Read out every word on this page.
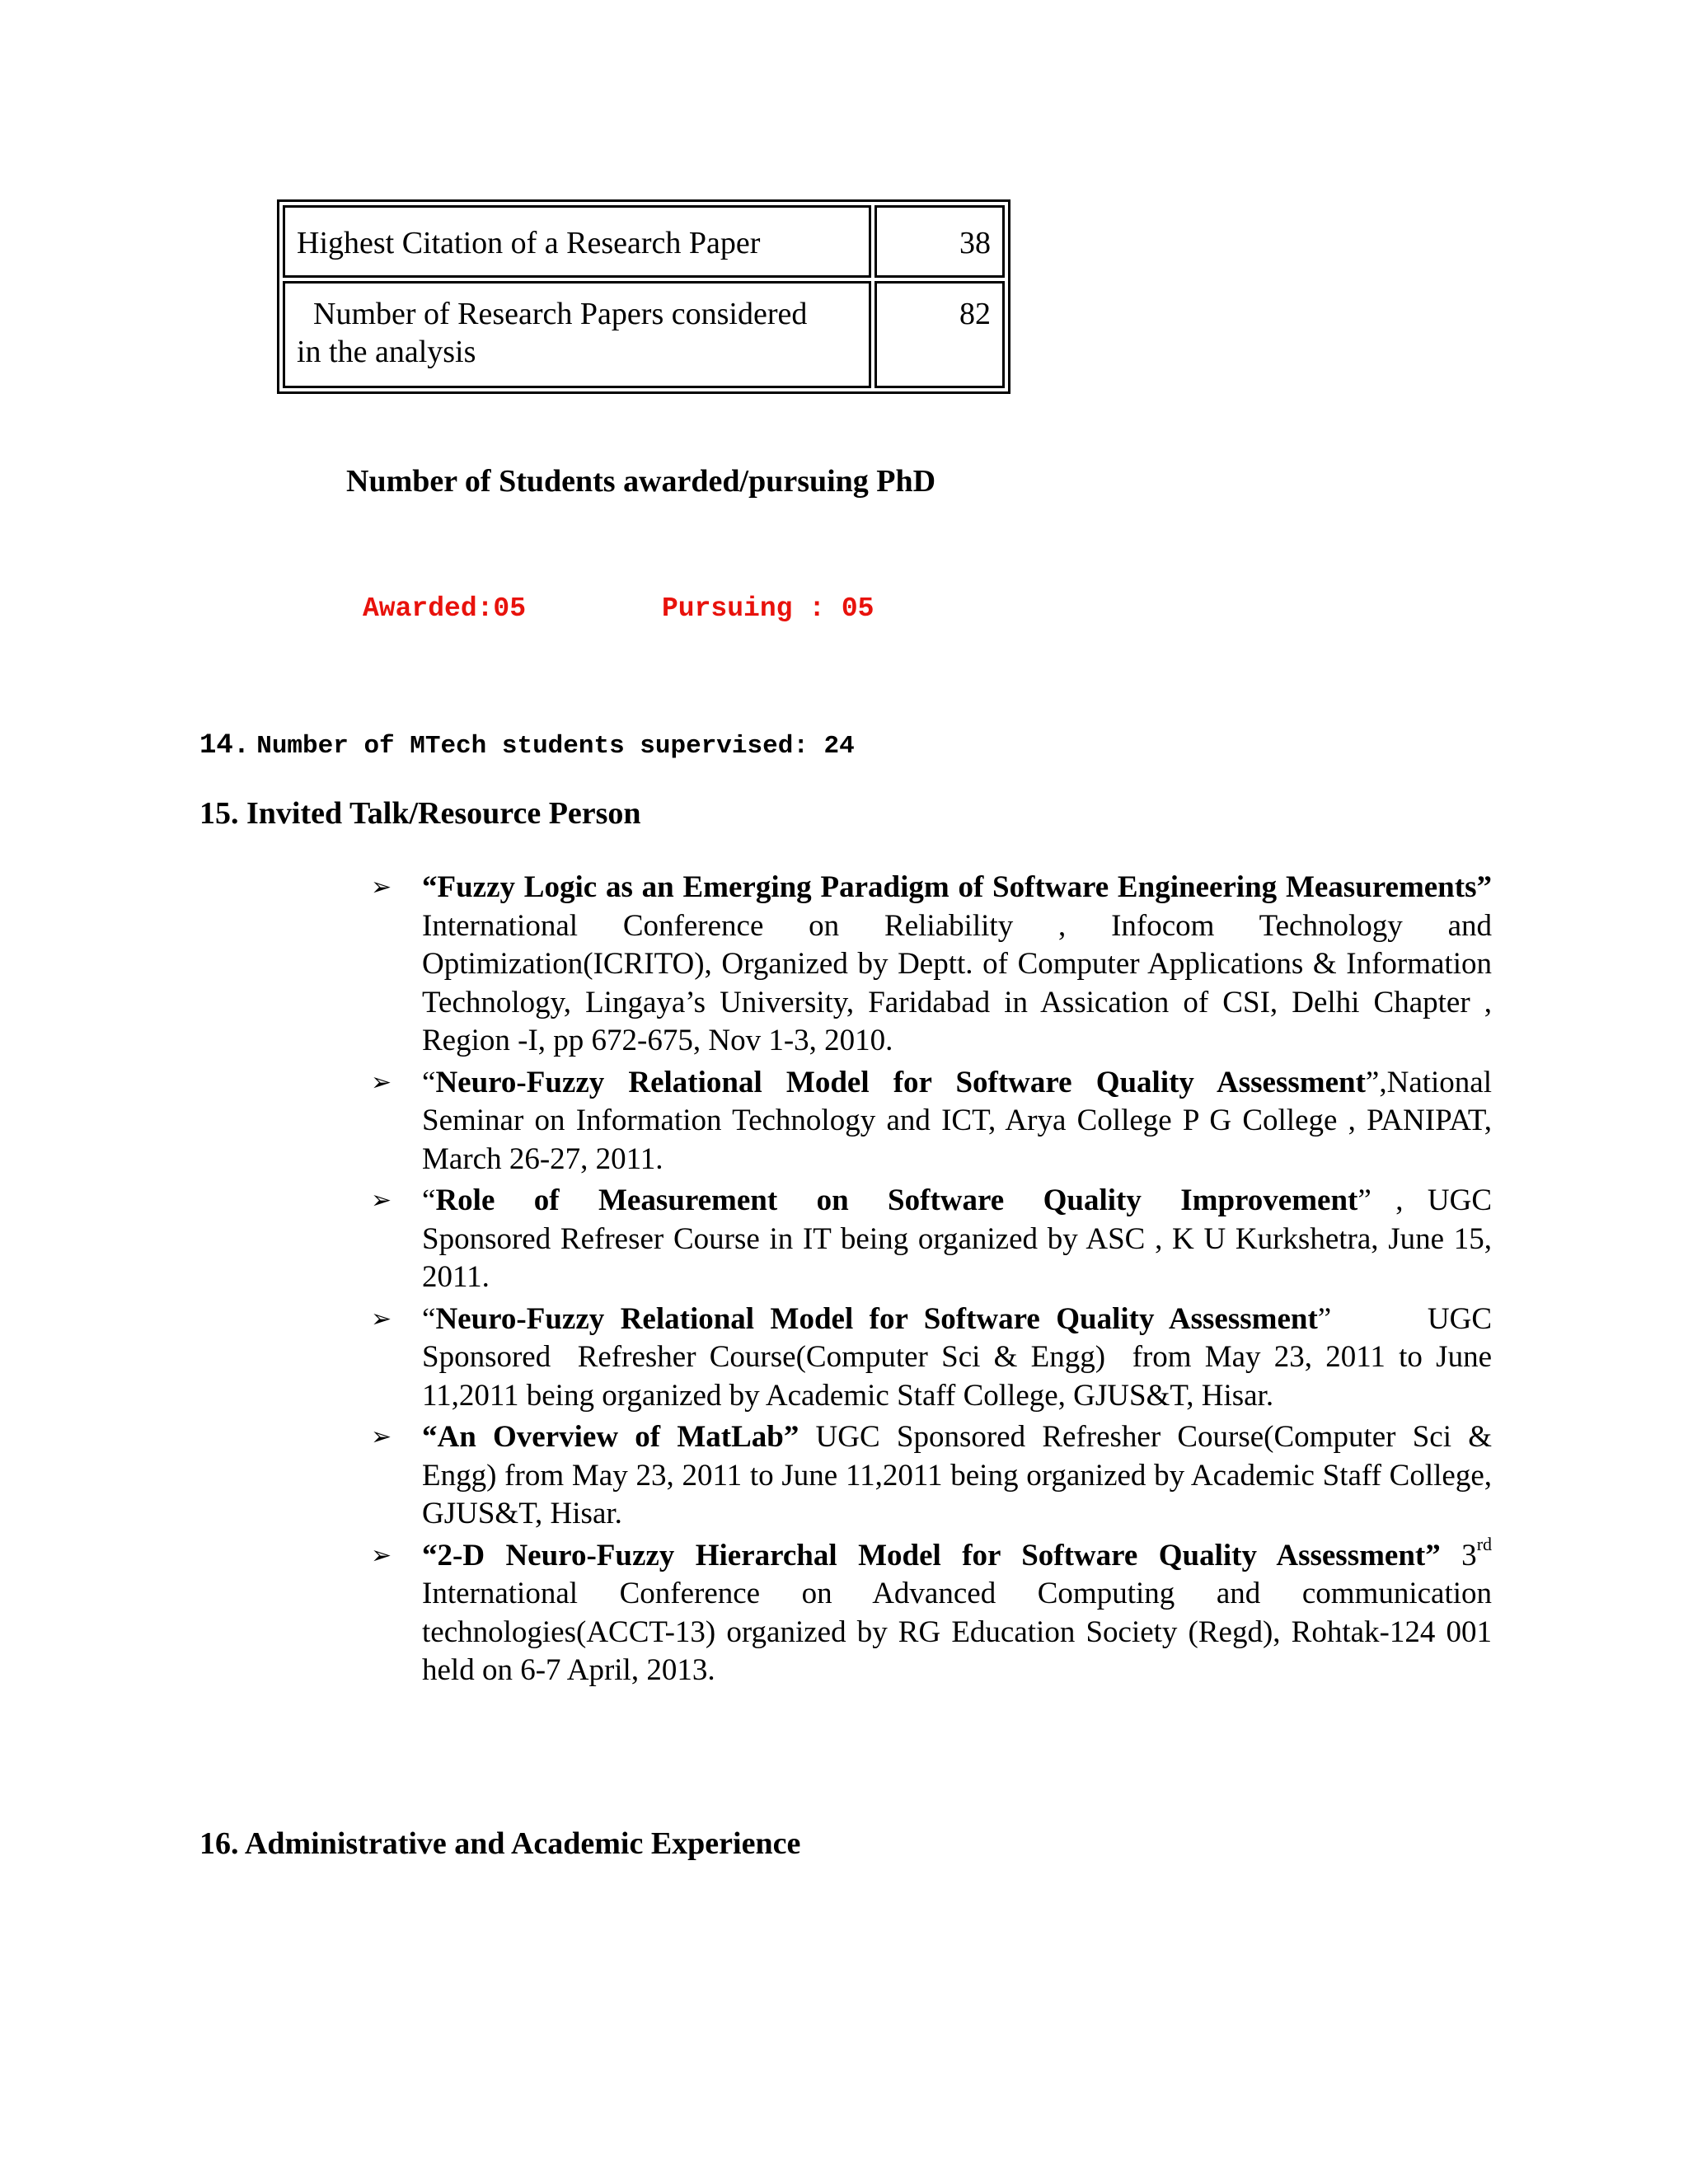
Highest Citation of a Research Paper	38

Number of Research Papers considered
in the analysis	82
Number of Students awarded/pursuing PhD
Awarded:05	Pursuing : 05
14. Number of MTech students supervised: 24
15. Invited Talk/Resource Person
➢ “Fuzzy Logic as an Emerging Paradigm of Software Engineering Measurements” International Conference on Reliability , Infocom Technology and Optimization(ICRITO), Organized by Deptt. of Computer Applications & Information Technology, Lingaya’s University, Faridabad in Assication of CSI, Delhi Chapter , Region -I, pp 672-675, Nov 1-3, 2010.
➢ “Neuro-Fuzzy Relational Model for Software Quality Assessment”,National Seminar on Information Technology and ICT, Arya College P G College , PANIPAT, March 26-27, 2011.
➢ “Role of Measurement on Software Quality Improvement” , UGC Sponsored Refreser Course in IT being organized by ASC , K U Kurkshetra, June 15, 2011.
➢ “Neuro-Fuzzy Relational Model for Software Quality Assessment”      UGC Sponsored  Refresher Course(Computer Sci & Engg)  from May 23, 2011 to June 11,2011 being organized by Academic Staff College, GJUS&T, Hisar.
➢ “An Overview of MatLab” UGC Sponsored Refresher Course(Computer Sci & Engg) from May 23, 2011 to June 11,2011 being organized by Academic Staff College, GJUS&T, Hisar.
➢ “2-D Neuro-Fuzzy Hierarchal Model for Software Quality Assessment” 3rd International Conference on Advanced Computing and communication technologies(ACCT-13) organized by RG Education Society (Regd), Rohtak-124 001 held on 6-7 April, 2013.
16. Administrative and Academic Experience
